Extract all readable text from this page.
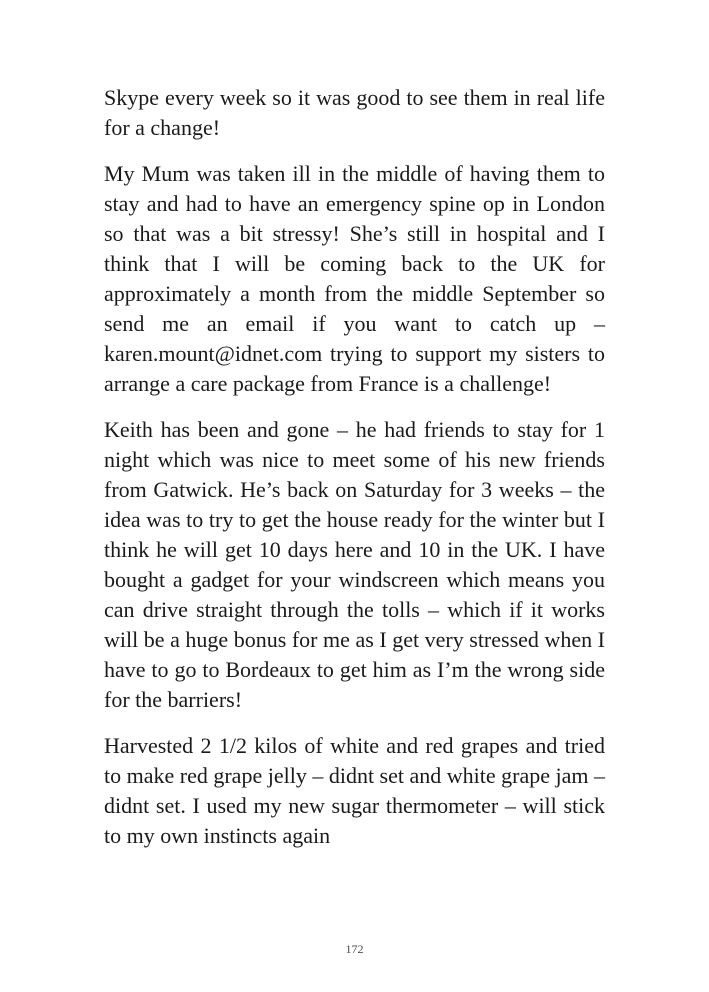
Skype every week so it was good to see them in real life for a change!

My Mum was taken ill in the middle of having them to stay and had to have an emergency spine op in London so that was a bit stressy! She’s still in hospital and I think that I will be coming back to the UK for approximately a month from the middle September so send me an email if you want to catch up – karen.mount@idnet.com trying to support my sisters to arrange a care package from France is a challenge!

Keith has been and gone – he had friends to stay for 1 night which was nice to meet some of his new friends from Gatwick. He’s back on Saturday for 3 weeks – the idea was to try to get the house ready for the winter but I think he will get 10 days here and 10 in the UK. I have bought a gadget for your windscreen which means you can drive straight through the tolls – which if it works will be a huge bonus for me as I get very stressed when I have to go to Bordeaux to get him as I’m the wrong side for the barriers!

Harvested 2 1/2 kilos of white and red grapes and tried to make red grape jelly – didnt set and white grape jam – didnt set. I used my new sugar thermometer – will stick to my own instincts again

172
